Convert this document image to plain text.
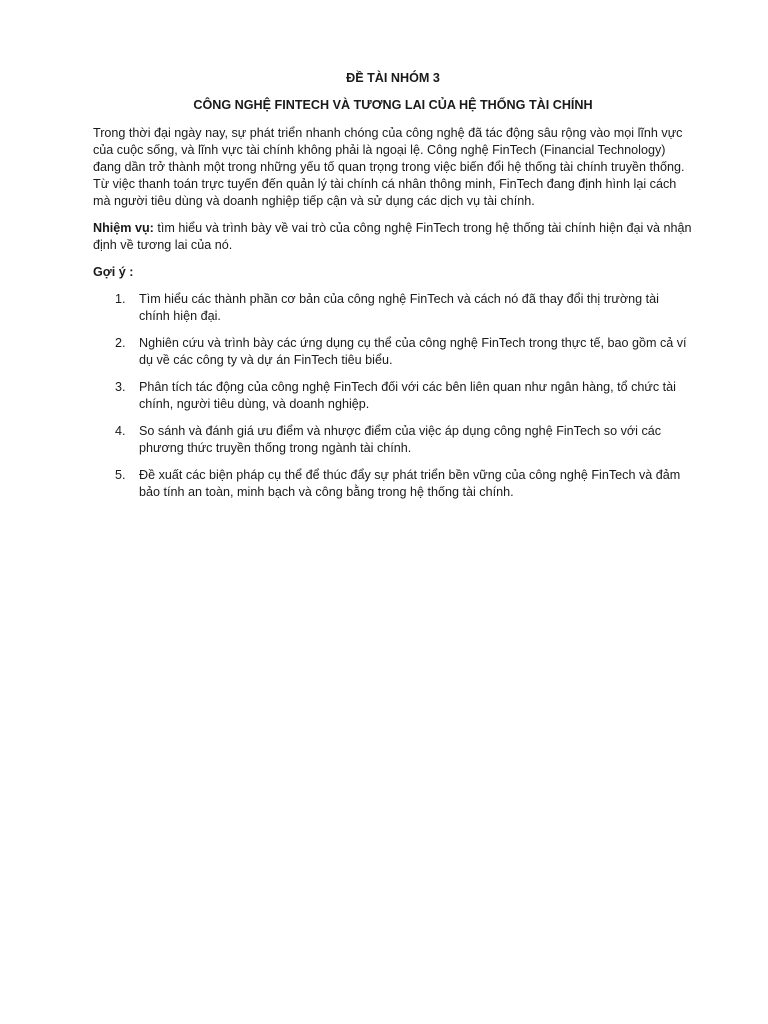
ĐỀ TÀI NHÓM 3

CÔNG NGHỆ FINTECH VÀ TƯƠNG LAI CỦA HỆ THỐNG TÀI CHÍNH

Trong thời đại ngày nay, sự phát triển nhanh chóng của công nghệ đã tác động sâu rộng vào mọi lĩnh vực của cuộc sống, và lĩnh vực tài chính không phải là ngoại lệ. Công nghệ FinTech (Financial Technology) đang dần trở thành một trong những yếu tố quan trọng trong việc biến đổi hệ thống tài chính truyền thống. Từ việc thanh toán trực tuyến đến quản lý tài chính cá nhân thông minh, FinTech đang định hình lại cách mà người tiêu dùng và doanh nghiệp tiếp cận và sử dụng các dịch vụ tài chính.

Nhiệm vụ: tìm hiểu và trình bày về vai trò của công nghệ FinTech trong hệ thống tài chính hiện đại và nhận định về tương lai của nó.

Gợi ý :

1. Tìm hiểu các thành phần cơ bản của công nghệ FinTech và cách nó đã thay đổi thị trường tài chính hiện đại.
2. Nghiên cứu và trình bày các ứng dụng cụ thể của công nghệ FinTech trong thực tế, bao gồm cả ví dụ về các công ty và dự án FinTech tiêu biểu.
3. Phân tích tác động của công nghệ FinTech đối với các bên liên quan như ngân hàng, tổ chức tài chính, người tiêu dùng, và doanh nghiệp.
4. So sánh và đánh giá ưu điểm và nhược điểm của việc áp dụng công nghệ FinTech so với các phương thức truyền thống trong ngành tài chính.
5. Đề xuất các biện pháp cụ thể để thúc đẩy sự phát triển bền vững của công nghệ FinTech và đảm bảo tính an toàn, minh bạch và công bằng trong hệ thống tài chính.
